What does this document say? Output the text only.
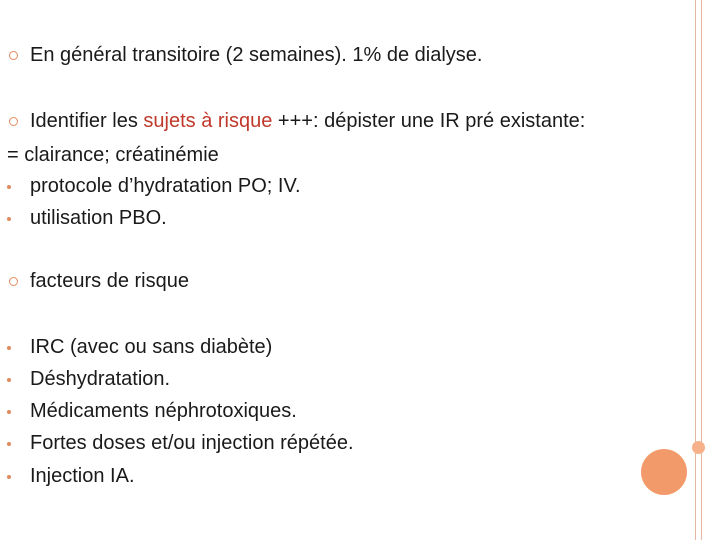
En général transitoire (2 semaines). 1% de dialyse.
Identifier les sujets à risque +++: dépister une IR pré existante:
= clairance; créatinémie
protocole d’hydratation PO; IV.
utilisation PBO.
facteurs de risque
IRC (avec ou sans diabète)
Déshydratation.
Médicaments néphrotoxiques.
Fortes doses et/ou injection répétée.
Injection IA.
